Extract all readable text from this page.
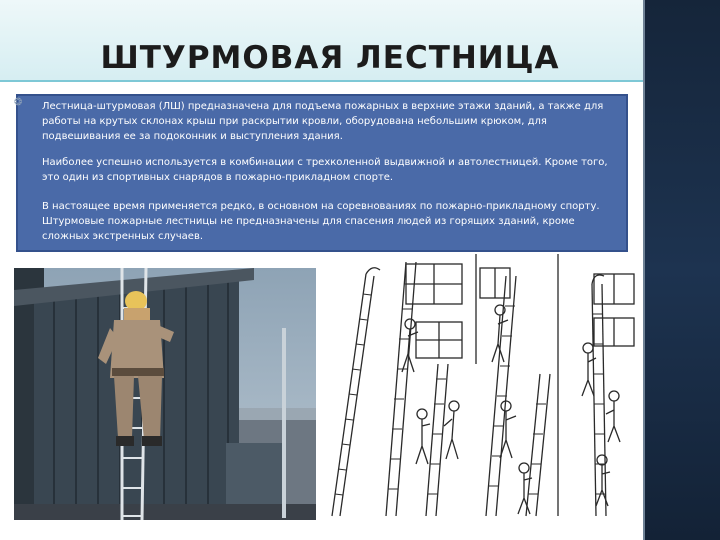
ШТУРМОВАЯ ЛЕСТНИЦА
❂ Лестница-штурмовая (ЛШ) предназначена для подъема пожарных в верхние этажи зданий, а также для работы на крутых склонах крыш при раскрытии кровли, оборудована небольшим крюком, для подвешивания ее за подоконник и выступления здания.

Наиболее успешно используется в комбинации с трехколенной выдвижной и автолестницей. Кроме того, это один из спортивных снарядов в пожарно-прикладном спорте.

В настоящее время применяется редко, в основном на соревнованиях по пожарно-прикладному спорту. Штурмовые пожарные лестницы не предназначены для спасения людей из горящих зданий, кроме сложных экстренных случаев.
